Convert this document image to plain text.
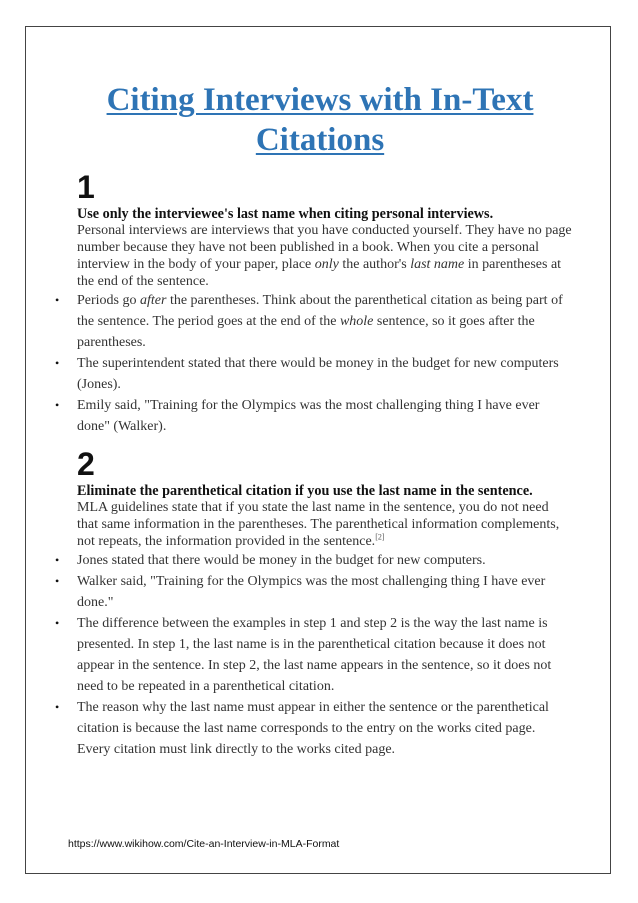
Citing Interviews with In-Text Citations
1
Use only the interviewee's last name when citing personal interviews.
Personal interviews are interviews that you have conducted yourself. They have no page number because they have not been published in a book. When you cite a personal interview in the body of your paper, place only the author's last name in parentheses at the end of the sentence.
• Periods go after the parentheses. Think about the parenthetical citation as being part of the sentence. The period goes at the end of the whole sentence, so it goes after the parentheses.
• The superintendent stated that there would be money in the budget for new computers (Jones).
• Emily said, "Training for the Olympics was the most challenging thing I have ever done" (Walker).
2
Eliminate the parenthetical citation if you use the last name in the sentence.
MLA guidelines state that if you state the last name in the sentence, you do not need that same information in the parentheses. The parenthetical information complements, not repeats, the information provided in the sentence.[2]
• Jones stated that there would be money in the budget for new computers.
• Walker said, "Training for the Olympics was the most challenging thing I have ever done."
• The difference between the examples in step 1 and step 2 is the way the last name is presented. In step 1, the last name is in the parenthetical citation because it does not appear in the sentence. In step 2, the last name appears in the sentence, so it does not need to be repeated in a parenthetical citation.
• The reason why the last name must appear in either the sentence or the parenthetical citation is because the last name corresponds to the entry on the works cited page. Every citation must link directly to the works cited page.
https://www.wikihow.com/Cite-an-Interview-in-MLA-Format
